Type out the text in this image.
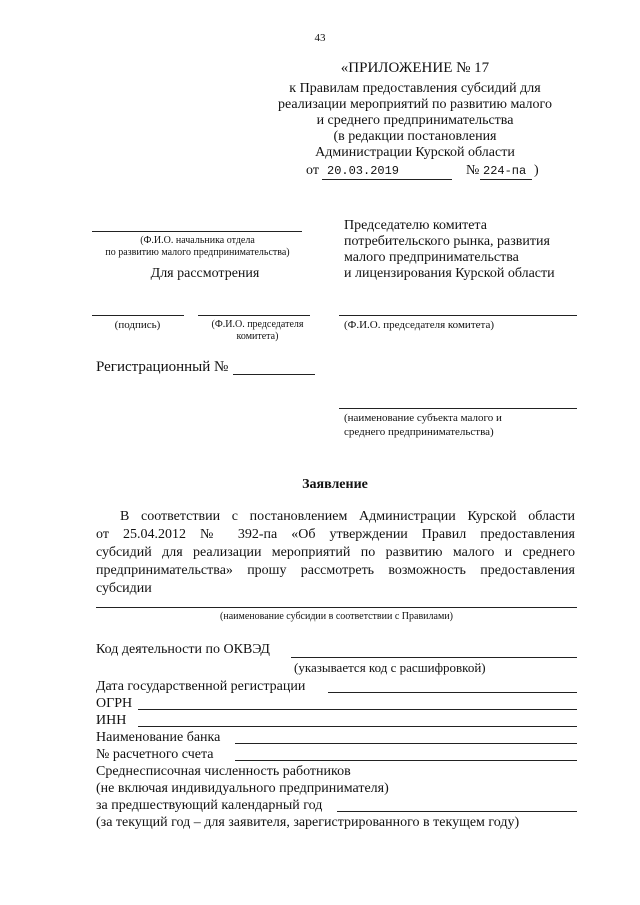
43
«ПРИЛОЖЕНИЕ № 17
к Правилам предоставления субсидий для
реализации мероприятий по развитию малого
и среднего предпринимательства
(в редакции постановления
Администрации Курской области
от 20.03.2019	№ 224-па )
(Ф.И.О. начальника отдела
по развитию малого предпринимательства)
Для рассмотрения
(подпись)	(Ф.И.О. председателя
комитета)
Регистрационный №
Председателю комитета
потребительского рынка, развития
малого предпринимательства
и лицензирования Курской области
(Ф.И.О. председателя комитета)
(наименование субъекта малого и
среднего предпринимательства)
Заявление
В соответствии с постановлением Администрации Курской области
от 25.04.2012 № 392-па «Об утверждении Правил предоставления
субсидий для реализации мероприятий по развитию малого и среднего
предпринимательства» прошу рассмотреть возможность предоставления
субсидии
(наименование субсидии в соответствии с Правилами)
Код деятельности по ОКВЭД
(указывается код с расшифровкой)
Дата государственной регистрации
ОГРН
ИНН
Наименование банка
№ расчетного счета
Среднесписочная численность работников
(не включая индивидуального предпринимателя)
за предшествующий календарный год
(за текущий год – для заявителя, зарегистрированного в текущем году)
